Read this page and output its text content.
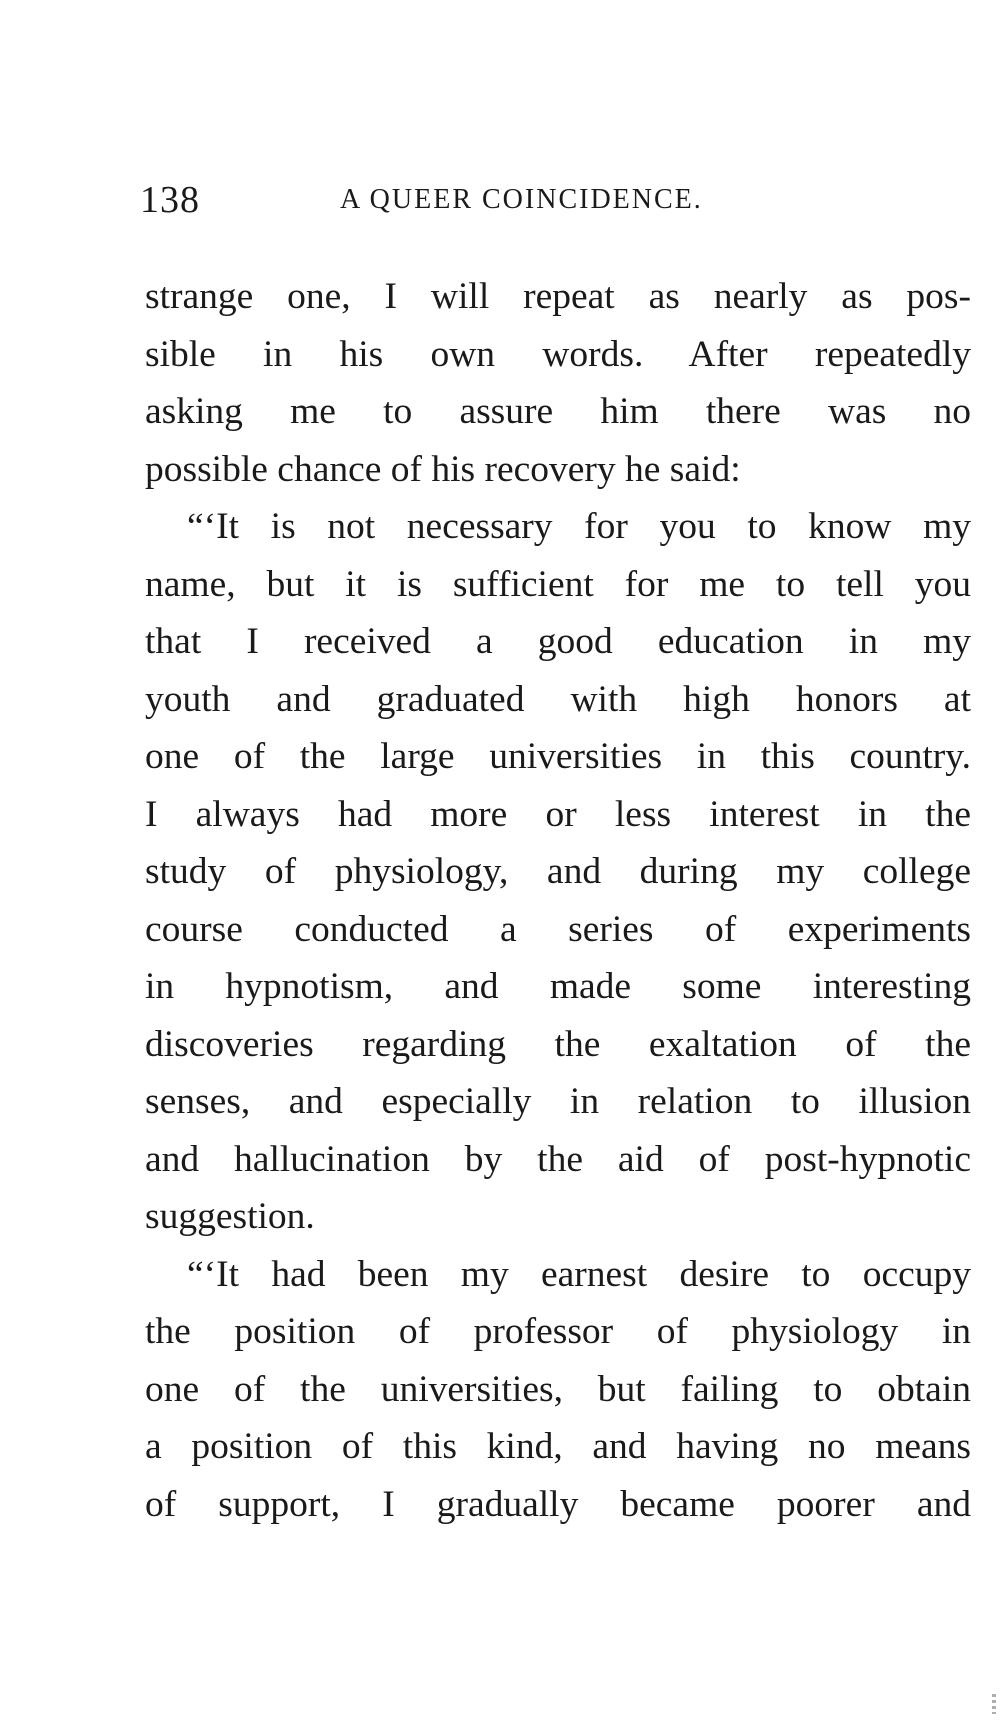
138	A QUEER COINCIDENCE.
strange one, I will repeat as nearly as pos-
sible in his own words. After repeatedly
asking me to assure him there was no
possible chance of his recovery he said:
“‘It is not necessary for you to know my
name, but it is sufficient for me to tell you
that I received a good education in my
youth and graduated with high honors at
one of the large universities in this country.
I always had more or less interest in the
study of physiology, and during my college
course conducted a series of experiments
in hypnotism, and made some interesting
discoveries regarding the exaltation of the
senses, and especially in relation to illusion
and hallucination by the aid of post-hypnotic
suggestion.
“‘It had been my earnest desire to occupy
the position of professor of physiology in
one of the universities, but failing to obtain
a position of this kind, and having no means
of support, I gradually became poorer and
